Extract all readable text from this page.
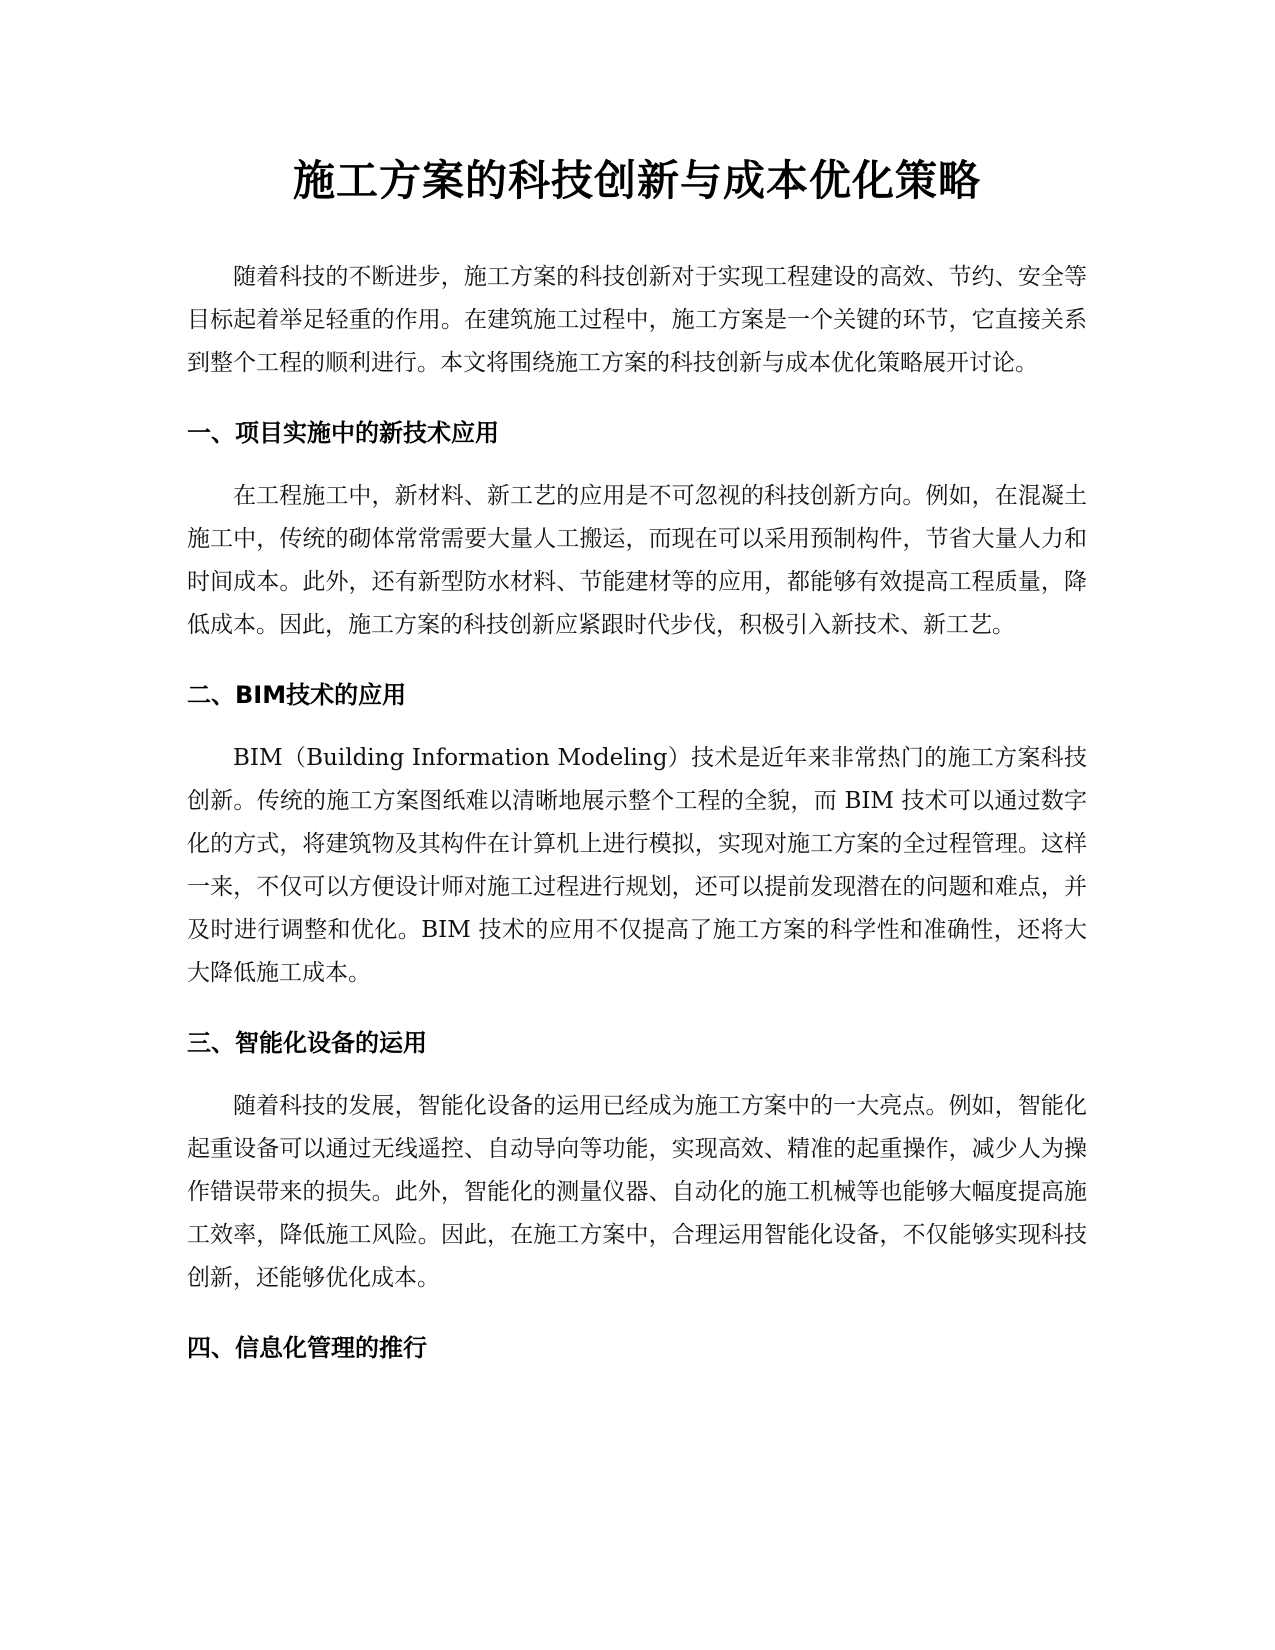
施工方案的科技创新与成本优化策略

随着科技的不断进步，施工方案的科技创新对于实现工程建设的高效、节约、安全等目标起着举足轻重的作用。在建筑施工过程中，施工方案是一个关键的环节，它直接关系到整个工程的顺利进行。本文将围绕施工方案的科技创新与成本优化策略展开讨论。

一、项目实施中的新技术应用

在工程施工中，新材料、新工艺的应用是不可忽视的科技创新方向。例如，在混凝土施工中，传统的砌体常常需要大量人工搬运，而现在可以采用预制构件，节省大量人力和时间成本。此外，还有新型防水材料、节能建材等的应用，都能够有效提高工程质量，降低成本。因此，施工方案的科技创新应紧跟时代步伐，积极引入新技术、新工艺。

二、BIM技术的应用

BIM（Building Information Modeling）技术是近年来非常热门的施工方案科技创新。传统的施工方案图纸难以清晰地展示整个工程的全貌，而 BIM 技术可以通过数字化的方式，将建筑物及其构件在计算机上进行模拟，实现对施工方案的全过程管理。这样一来，不仅可以方便设计师对施工过程进行规划，还可以提前发现潜在的问题和难点，并及时进行调整和优化。BIM 技术的应用不仅提高了施工方案的科学性和准确性，还将大大降低施工成本。

三、智能化设备的运用

随着科技的发展，智能化设备的运用已经成为施工方案中的一大亮点。例如，智能化起重设备可以通过无线遥控、自动导向等功能，实现高效、精准的起重操作，减少人为操作错误带来的损失。此外，智能化的测量仪器、自动化的施工机械等也能够大幅度提高施工效率，降低施工风险。因此，在施工方案中，合理运用智能化设备，不仅能够实现科技创新，还能够优化成本。

四、信息化管理的推行
